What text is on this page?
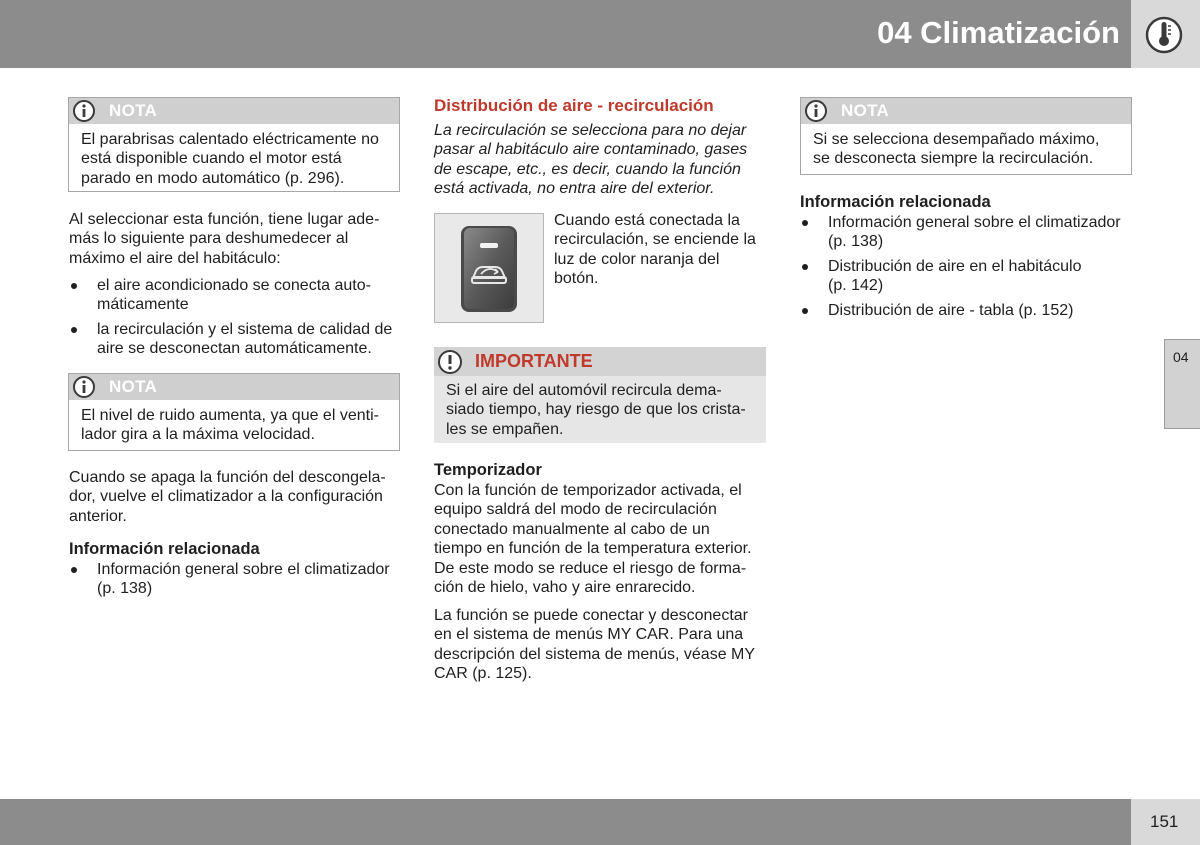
04 Climatización
04
NOTA

El parabrisas calentado eléctricamente no

está disponible cuando el motor está

parado en modo automático (p. 296).

Al seleccionar esta función, tiene lugar ade-

más lo siguiente para deshumedecer al

máximo el aire del habitáculo:

el aire acondicionado se conecta auto-

máticamente

la recirculación y el sistema de calidad de

aire se desconectan automáticamente.

NOTA

El nivel de ruido aumenta, ya que el venti-

lador gira a la máxima velocidad.

Cuando se apaga la función del descongela-

dor, vuelve el climatizador a la configuración

anterior.

Información relacionada

Información general sobre el climatizador

(p. 138)

Distribución de aire - recirculación

La recirculación se selecciona para no dejar

pasar al habitáculo aire contaminado, gases

de escape, etc., es decir, cuando la función

está activada, no entra aire del exterior.

Cuando está conectada la

recirculación, se enciende la

luz de color naranja del

botón.

IMPORTANTE

Si el aire del automóvil recircula dema-

siado tiempo, hay riesgo de que los crista-

les se empañen.

Temporizador

Con la función de temporizador activada, el

equipo saldrá del modo de recirculación

conectado manualmente al cabo de un

tiempo en función de la temperatura exterior.

De este modo se reduce el riesgo de forma-

ción de hielo, vaho y aire enrarecido.

La función se puede conectar y desconectar

en el sistema de menús MY CAR. Para una

descripción del sistema de menús, véase MY

CAR (p. 125).

NOTA

Si se selecciona desempañado máximo,

se desconecta siempre la recirculación.

Información relacionada

Información general sobre el climatizador

(p. 138)

Distribución de aire en el habitáculo

(p. 142)

Distribución de aire - tabla (p. 152)

151
